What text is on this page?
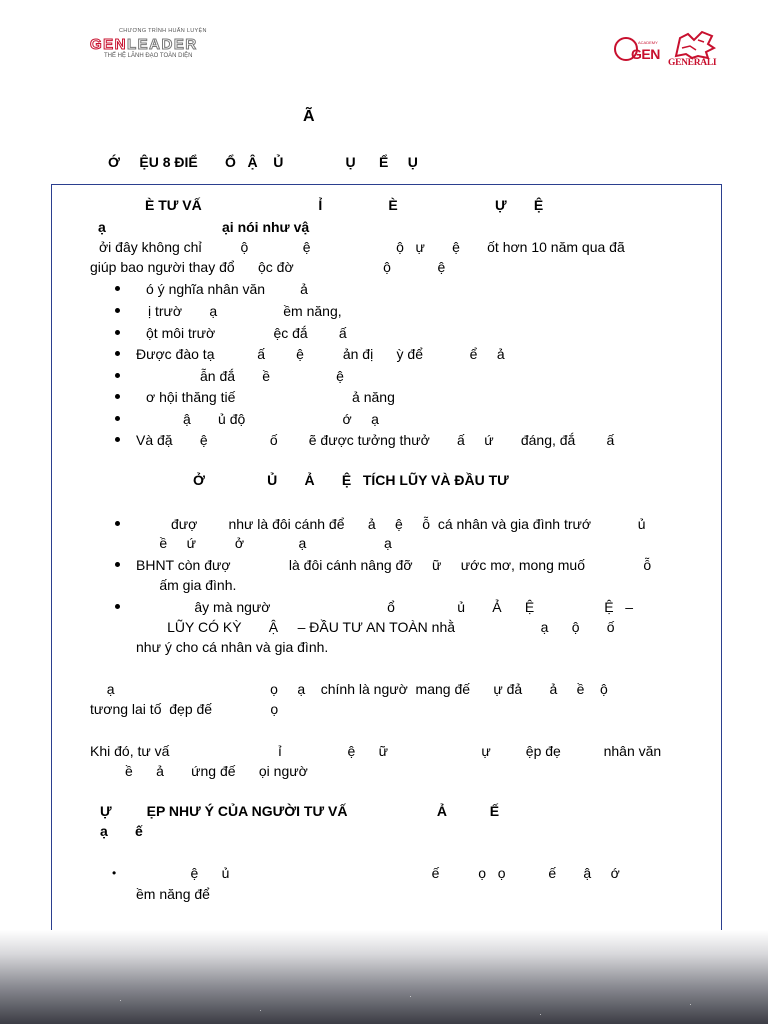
CHƯƠNG TRÌNH HUẤN LUYỆN
GENLEADER
THẾ HỆ LÃNH ĐẠO TOÀN DIỆN
ACADEMY
GEN
GENERALI
Ã
Ớ     ỆU 8 ĐIỂ       Ổ   Ậ    Ủ                Ụ      Ể     Ụ
È TƯ VẤ                              Ỉ                 È                         Ự       Ệ
ạ	ại nói như vậ
ởi đây không chỉ          ộ              ệ                      ộ   ự       ệ       ốt hơn 10 năm qua đã
giúp bao người thay đổ      ộc đờ                       ộ            ệ
ó ý nghĩa nhân văn         ả
ị trườ       ạ                 ềm năng,
ột môi trườ               ệc đắ        ấ
Được đào tạ           ấ        ệ          ản đị      ỳ để            ể     ả
ẫn đắ       ề                 ệ
ơ hội thăng tiế                              ả năng
ậ       ủ độ                         ớ     ạ
Và đặ       ệ                ố        ẽ được tưởng thưở       ấ     ứ       đáng, đắ        ấ
Ở                Ủ       Ả       Ệ   TÍCH LŨY VÀ ĐẦU TƯ
đượ        như là đôi cánh để      ả     ệ     ỗ  cá nhân và gia đình trướ            ủ
ề     ứ          ở              ạ                    ạ
BHNT còn đượ               là đôi cánh nâng đỡ     ữ     ước mơ, mong muố               ỗ
ấm gia đình.
ây mà ngườ                              ổ                ủ       Ả      Ệ                  Ệ   –
LŨY CÓ KỲ       Ậ     – ĐẦU TƯ AN TOÀN nhằ                      ạ      ộ       ố
như ý cho cá nhân và gia đình.
ạ                                        ọ     ạ    chính là ngườ  mang đế      ự đả       ả     ề    ộ
tương lai tố  đẹp đế               ọ
Khi đó, tư vấ                            ỉ                 ệ      ữ                        ự         ệp đẹ           nhân văn
ề      ả       ứng đế      ọi ngườ
Ự         ẸP NHƯ Ý CỦA NGƯỜI TƯ VẤ                       Ả           Ế
ạ       ế
• ệ      ủ                                                    ế          ọ   ọ           ế       ậ     ớ
ềm năng để
